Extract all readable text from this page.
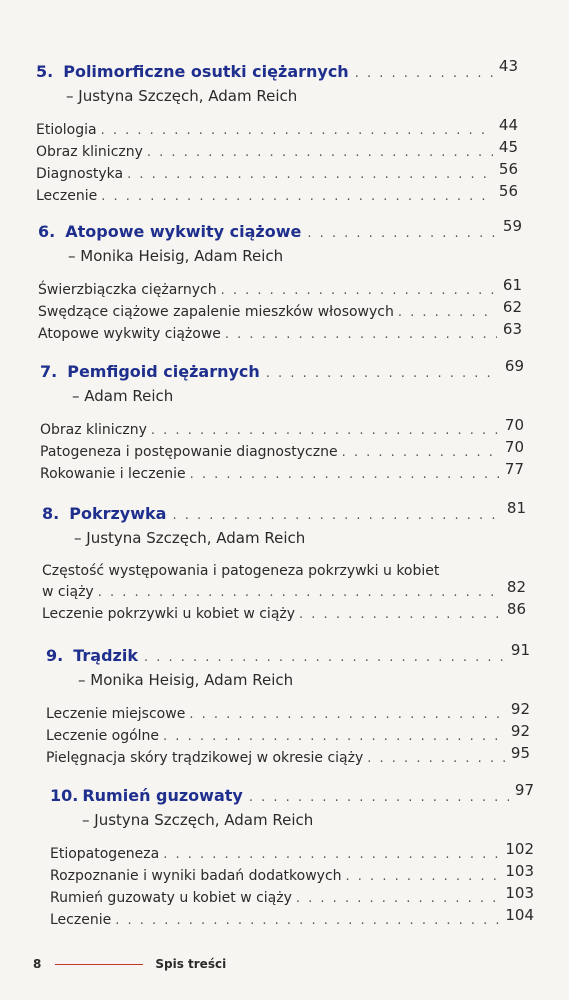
5. Polimorficzne osutki ciężarnych . . .	43
– Justyna Szczęch, Adam Reich
Etiologia . . .	44
Obraz kliniczny . . .	45
Diagnostyka . . .	56
Leczenie . . .	56
6. Atopowe wykwity ciążowe . . .	59
– Monika Heisig, Adam Reich
Świerzbiączka ciężarnych . . .	61
Swędzące ciążowe zapalenie mieszków włosowych . . .	62
Atopowe wykwity ciążowe . . .	63
7. Pemfigoid ciężarnych . . .	69
– Adam Reich
Obraz kliniczny . . .	70
Patogeneza i postępowanie diagnostyczne . . .	70
Rokowanie i leczenie . . .	77
8. Pokrzywka . . .	81
– Justyna Szczęch, Adam Reich
Częstość występowania i patogeneza pokrzywki u kobiet
w ciąży . . .	82
Leczenie pokrzywki u kobiet w ciąży . . .	86
9. Trądzik . . .	91
– Monika Heisig, Adam Reich
Leczenie miejscowe . . .	92
Leczenie ogólne . . .	92
Pielęgnacja skóry trądzikowej w okresie ciąży . . .	95
10. Rumień guzowaty . . .	97
– Justyna Szczęch, Adam Reich
Etiopatogeneza . . .	102
Rozpoznanie i wyniki badań dodatkowych . . .	103
Rumień guzowaty u kobiet w ciąży . . .	103
Leczenie . . .	104
8	Spis treści
